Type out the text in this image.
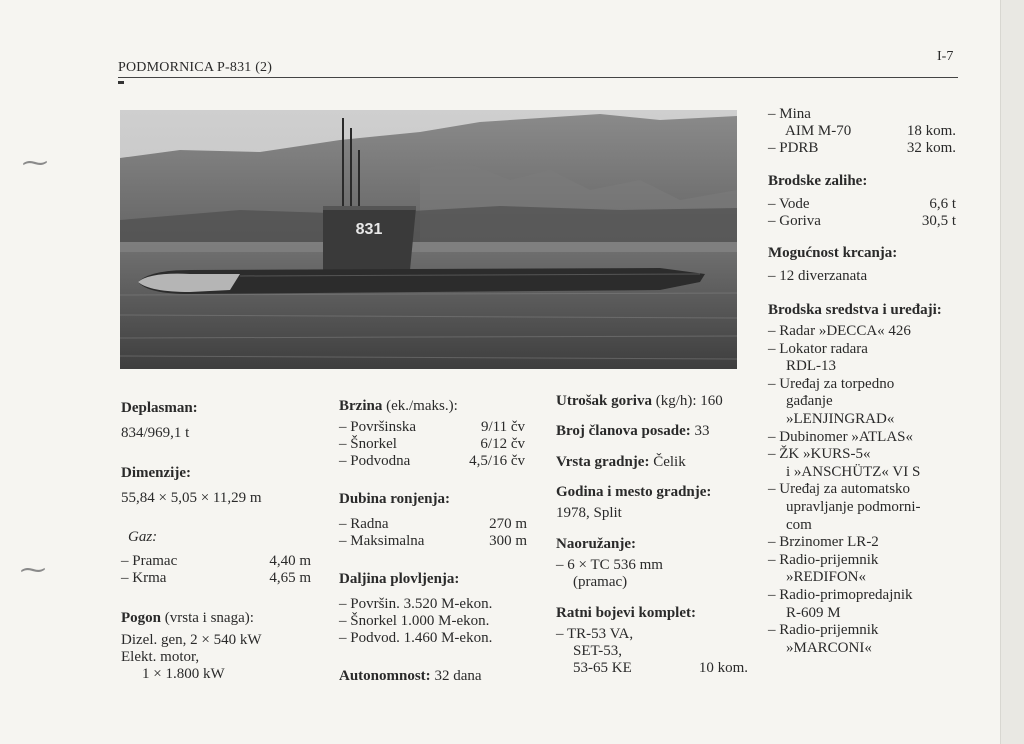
⁓
⁓
PODMORNICA P-831 (2)
I-7
831
Deplasman:
834/969,1 t
Dimenzije:
55,84 × 5,05 × 11,29 m
Gaz:
– Pramac	4,40 m
– Krma	4,65 m
Pogon (vrsta i snaga):
Dizel. gen, 2 × 540 kW
Elekt. motor,
1 × 1.800 kW
Brzina (ek./maks.):
– Površinska	9/11 čv
– Šnorkel	6/12 čv
– Podvodna	4,5/16 čv
Dubina ronjenja:
– Radna	270 m
– Maksimalna	300 m
Daljina plovljenja:
– Površin. 3.520 M-ekon.
– Šnorkel 1.000 M-ekon.
– Podvod. 1.460 M-ekon.
Autonomnost: 32 dana
Utrošak goriva (kg/h): 160
Broj članova posade: 33
Vrsta gradnje: Čelik
Godina i mesto gradnje:
1978, Split
Naoružanje:
– 6 × TC 536 mm
(pramac)
Ratni bojevi komplet:
– TR-53 VA,
SET-53,
53-65 KE	10 kom.
– Mina
AIM M-70	18 kom.
– PDRB	32 kom.
Brodske zalihe:
– Vode	6,6 t
– Goriva	30,5 t
Mogućnost krcanja:
– 12 diverzanata
Brodska sredstva i uređaji:
– Radar »DECCA« 426
– Lokator radara
RDL-13
– Uređaj za torpedno
gađanje
»LENJINGRAD«
– Dubinomer »ATLAS«
– ŽK »KURS-5«
i »ANSCHÜTZ« VI S
– Uređaj za automatsko
upravljanje podmorni-
com
– Brzinomer LR-2
– Radio-prijemnik
»REDIFON«
– Radio-primopredajnik
R-609 M
– Radio-prijemnik
»MARCONI«
